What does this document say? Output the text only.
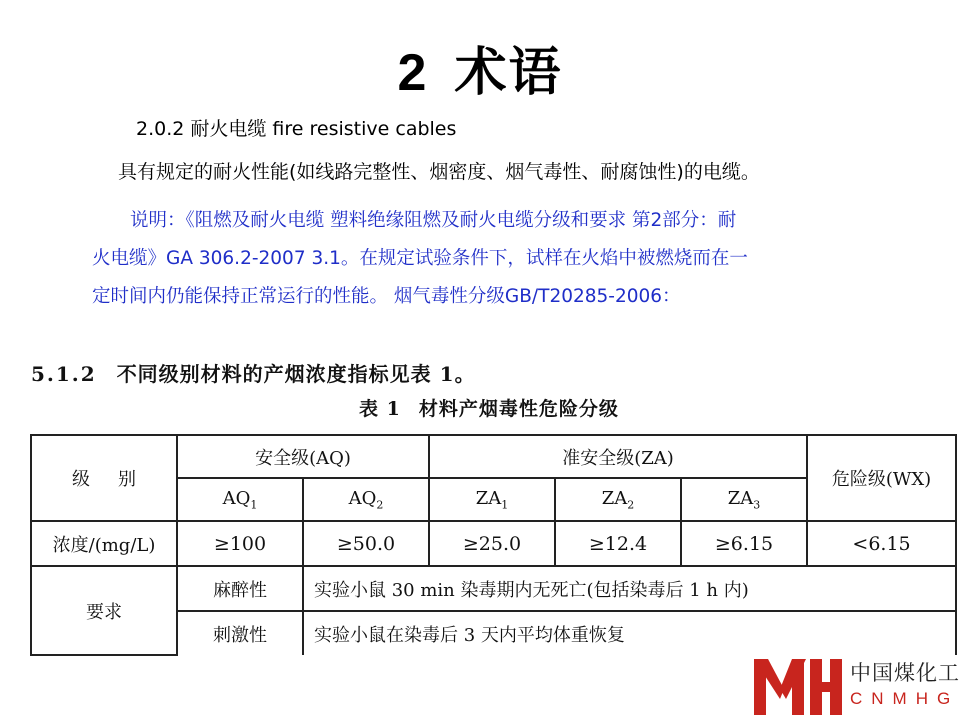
2 术语
2.0.2 耐火电缆 fire resistive cables
具有规定的耐火性能(如线路完整性、烟密度、烟气毒性、耐腐蚀性)的电缆。

说明：《阻燃及耐火电缆 塑料绝缘阻燃及耐火电缆分级和要求 第2部分：耐

火电缆》GA 306.2-2007 3.1。在规定试验条件下，试样在火焰中被燃烧而在一

定时间内仍能保持正常运行的性能。 烟气毒性分级GB/T20285-2006：

5.1.2 不同级别材料的产烟浓度指标见表 1。
表 1 材料产烟毒性危险分级
级 别	安全级(AQ)		准安全级(ZA)			危险级(WX)
	$AQ_1$	$AQ_2$	$ZA_1$	$ZA_2$	$ZA_3$
浓度/(mg/L)	≥100	≥50.0	≥25.0	≥12.4	≥6.15	<6.15
要求	麻醉性	实验小鼠 30 min 染毒期内无死亡(包括染毒后 1 h 内)				
	刺激性	实验小鼠在染毒后 3 天内平均体重恢复				
中国煤化工
CNMHG
